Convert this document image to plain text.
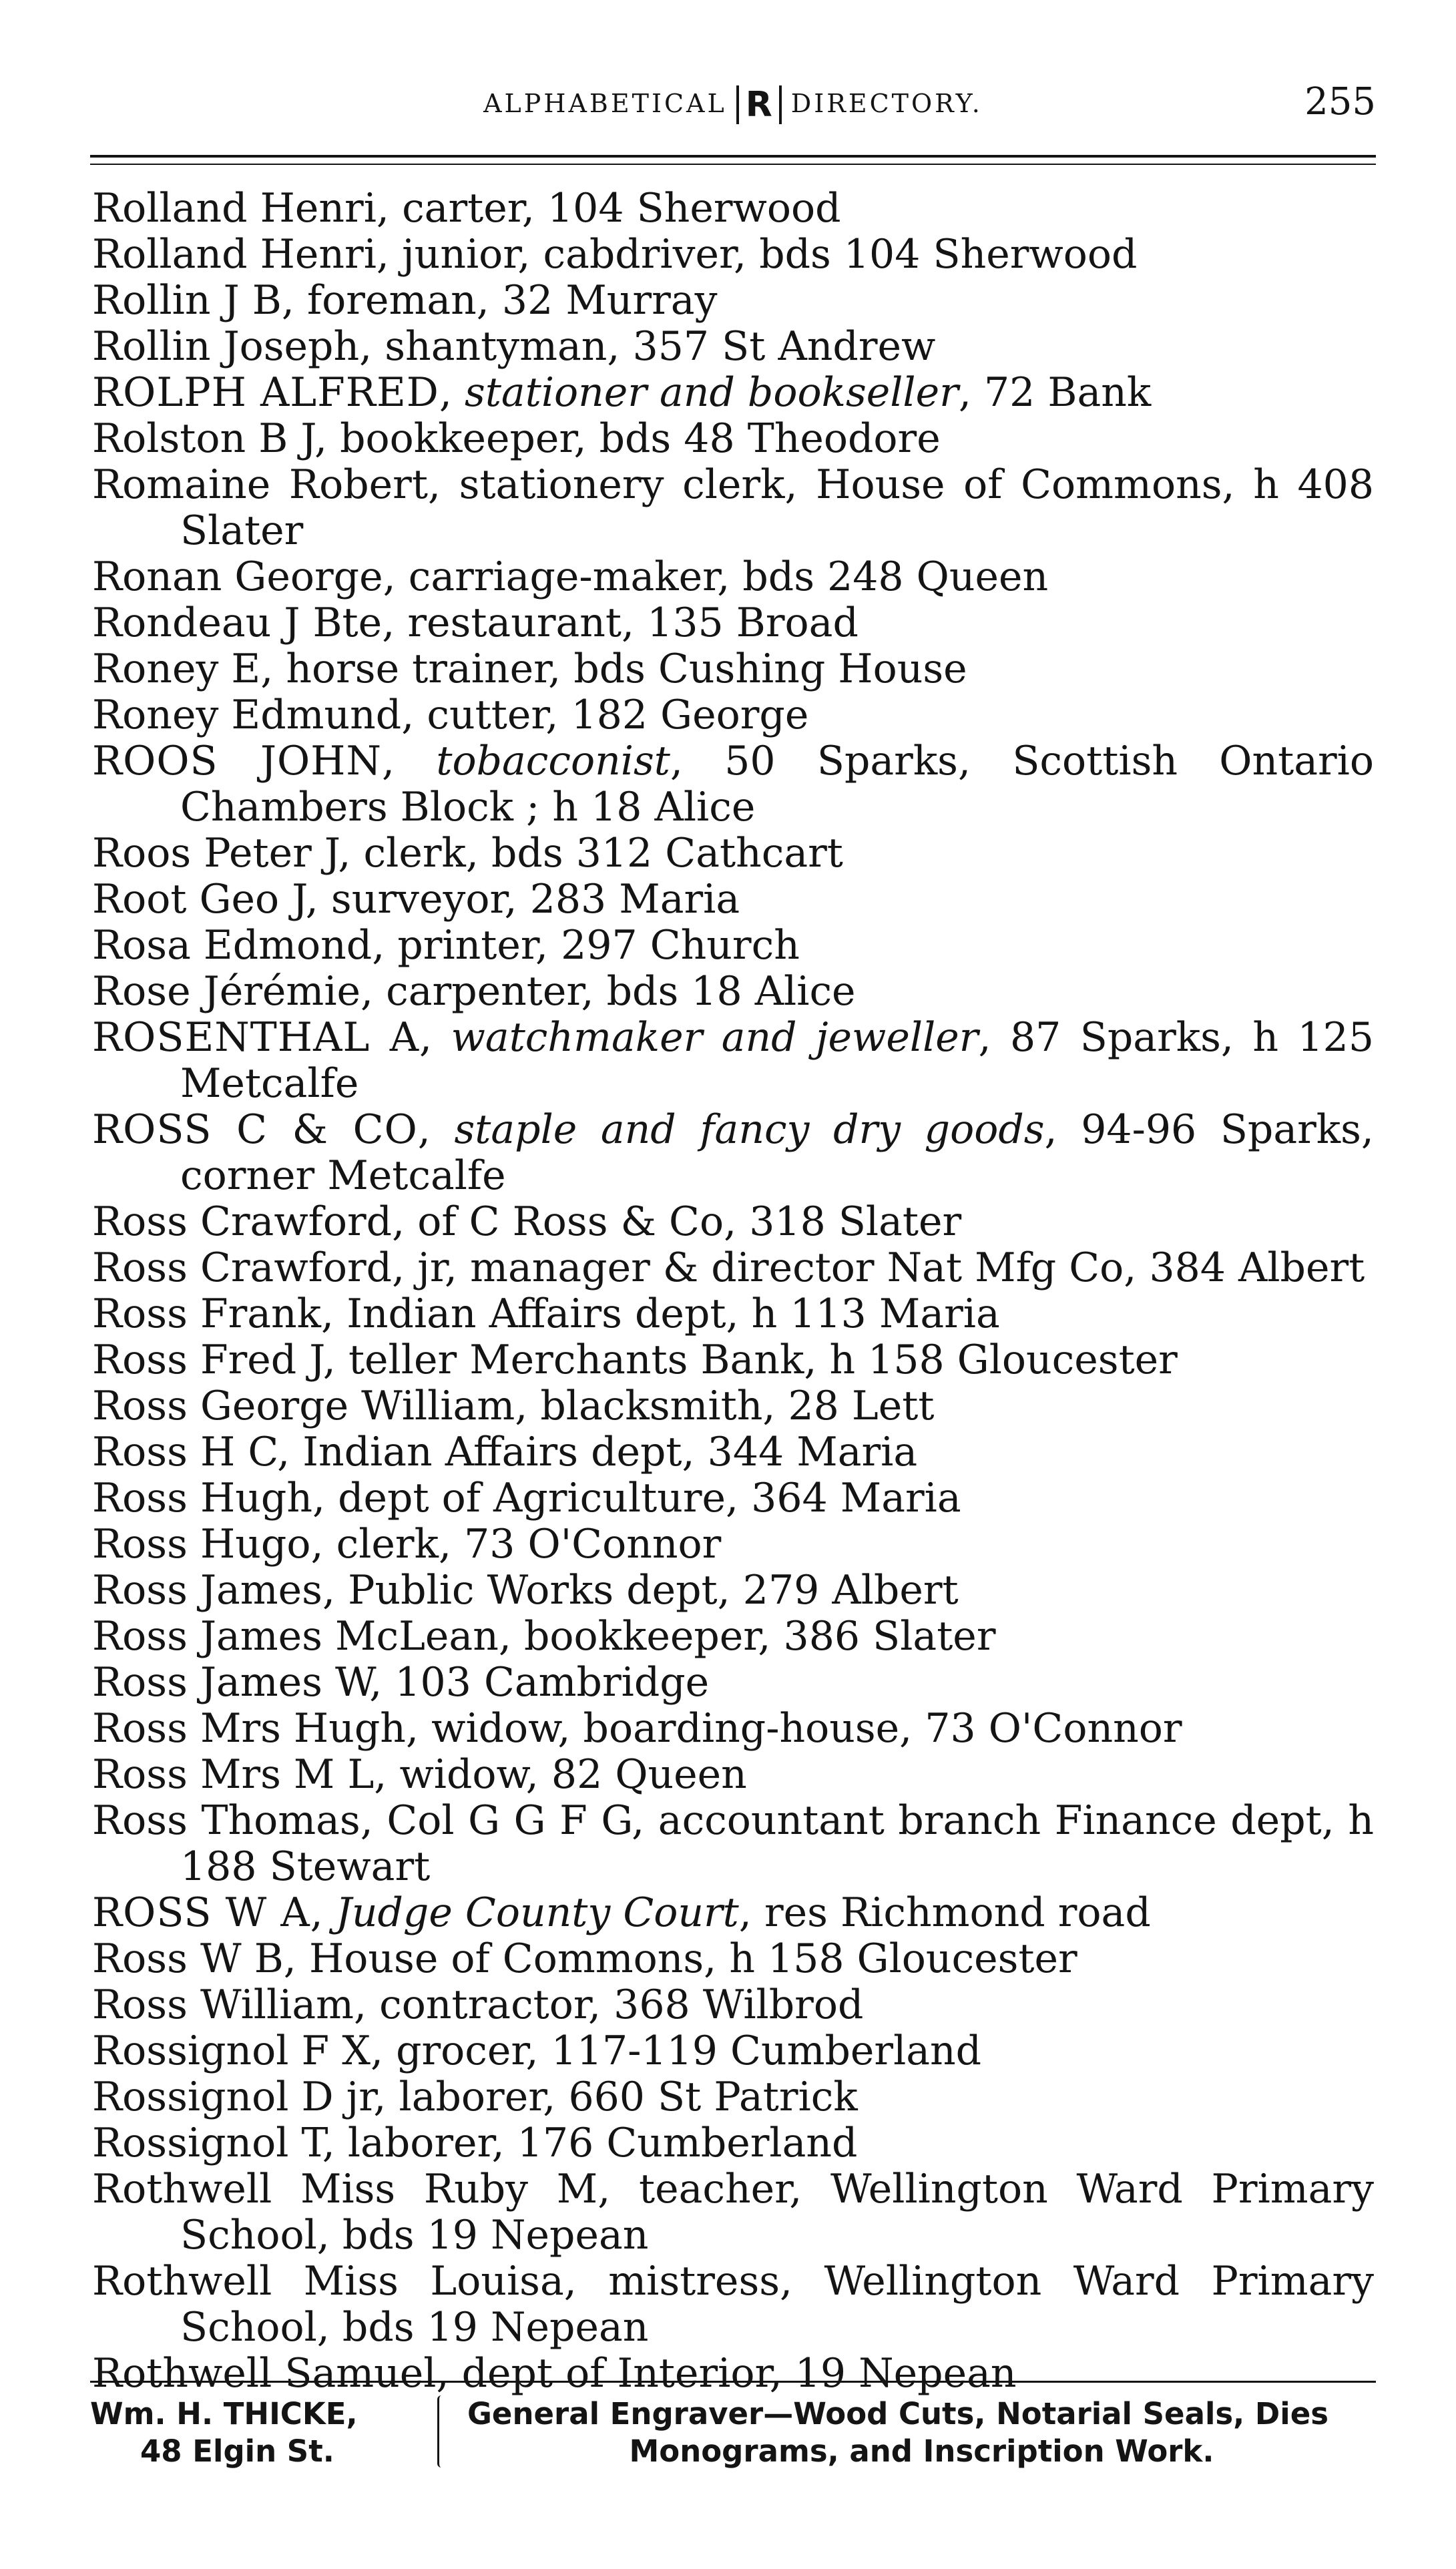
ALPHABETICAL R DIRECTORY.	255

Rolland Henri, carter, 104 Sherwood

Rolland Henri, junior, cabdriver, bds 104 Sherwood

Rollin J B, foreman, 32 Murray

Rollin Joseph, shantyman, 357 St Andrew

ROLPH ALFRED, stationer and bookseller, 72 Bank

Rolston B J, bookkeeper, bds 48 Theodore

Romaine Robert, stationery clerk, House of Commons, h 408 Slater

Ronan George, carriage-maker, bds 248 Queen

Rondeau J Bte, restaurant, 135 Broad

Roney E, horse trainer, bds Cushing House

Roney Edmund, cutter, 182 George

ROOS JOHN, tobacconist, 50 Sparks, Scottish Ontario Chambers Block ; h 18 Alice

Roos Peter J, clerk, bds 312 Cathcart

Root Geo J, surveyor, 283 Maria

Rosa Edmond, printer, 297 Church

Rose Jérémie, carpenter, bds 18 Alice

ROSENTHAL A, watchmaker and jeweller, 87 Sparks, h 125 Metcalfe

ROSS C & CO, staple and fancy dry goods, 94-96 Sparks, corner Metcalfe

Ross Crawford, of C Ross & Co, 318 Slater

Ross Crawford, jr, manager & director Nat Mfg Co, 384 Albert

Ross Frank, Indian Affairs dept, h 113 Maria

Ross Fred J, teller Merchants Bank, h 158 Gloucester

Ross George William, blacksmith, 28 Lett

Ross H C, Indian Affairs dept, 344 Maria

Ross Hugh, dept of Agriculture, 364 Maria

Ross Hugo, clerk, 73 O'Connor

Ross James, Public Works dept, 279 Albert

Ross James McLean, bookkeeper, 386 Slater

Ross James W, 103 Cambridge

Ross Mrs Hugh, widow, boarding-house, 73 O'Connor

Ross Mrs M L, widow, 82 Queen

Ross Thomas, Col G G F G, accountant branch Finance dept, h 188 Stewart

ROSS W A, Judge County Court, res Richmond road

Ross W B, House of Commons, h 158 Gloucester

Ross William, contractor, 368 Wilbrod

Rossignol F X, grocer, 117-119 Cumberland

Rossignol D jr, laborer, 660 St Patrick

Rossignol T, laborer, 176 Cumberland

Rothwell Miss Ruby M, teacher, Wellington Ward Primary School, bds 19 Nepean

Rothwell Miss Louisa, mistress, Wellington Ward Primary School, bds 19 Nepean

Rothwell Samuel, dept of Interior, 19 Nepean

Wm. H. THICKE,
48 Elgin St.
General Engraver—Wood Cuts, Notarial Seals, Dies
Monograms, and Inscription Work.
